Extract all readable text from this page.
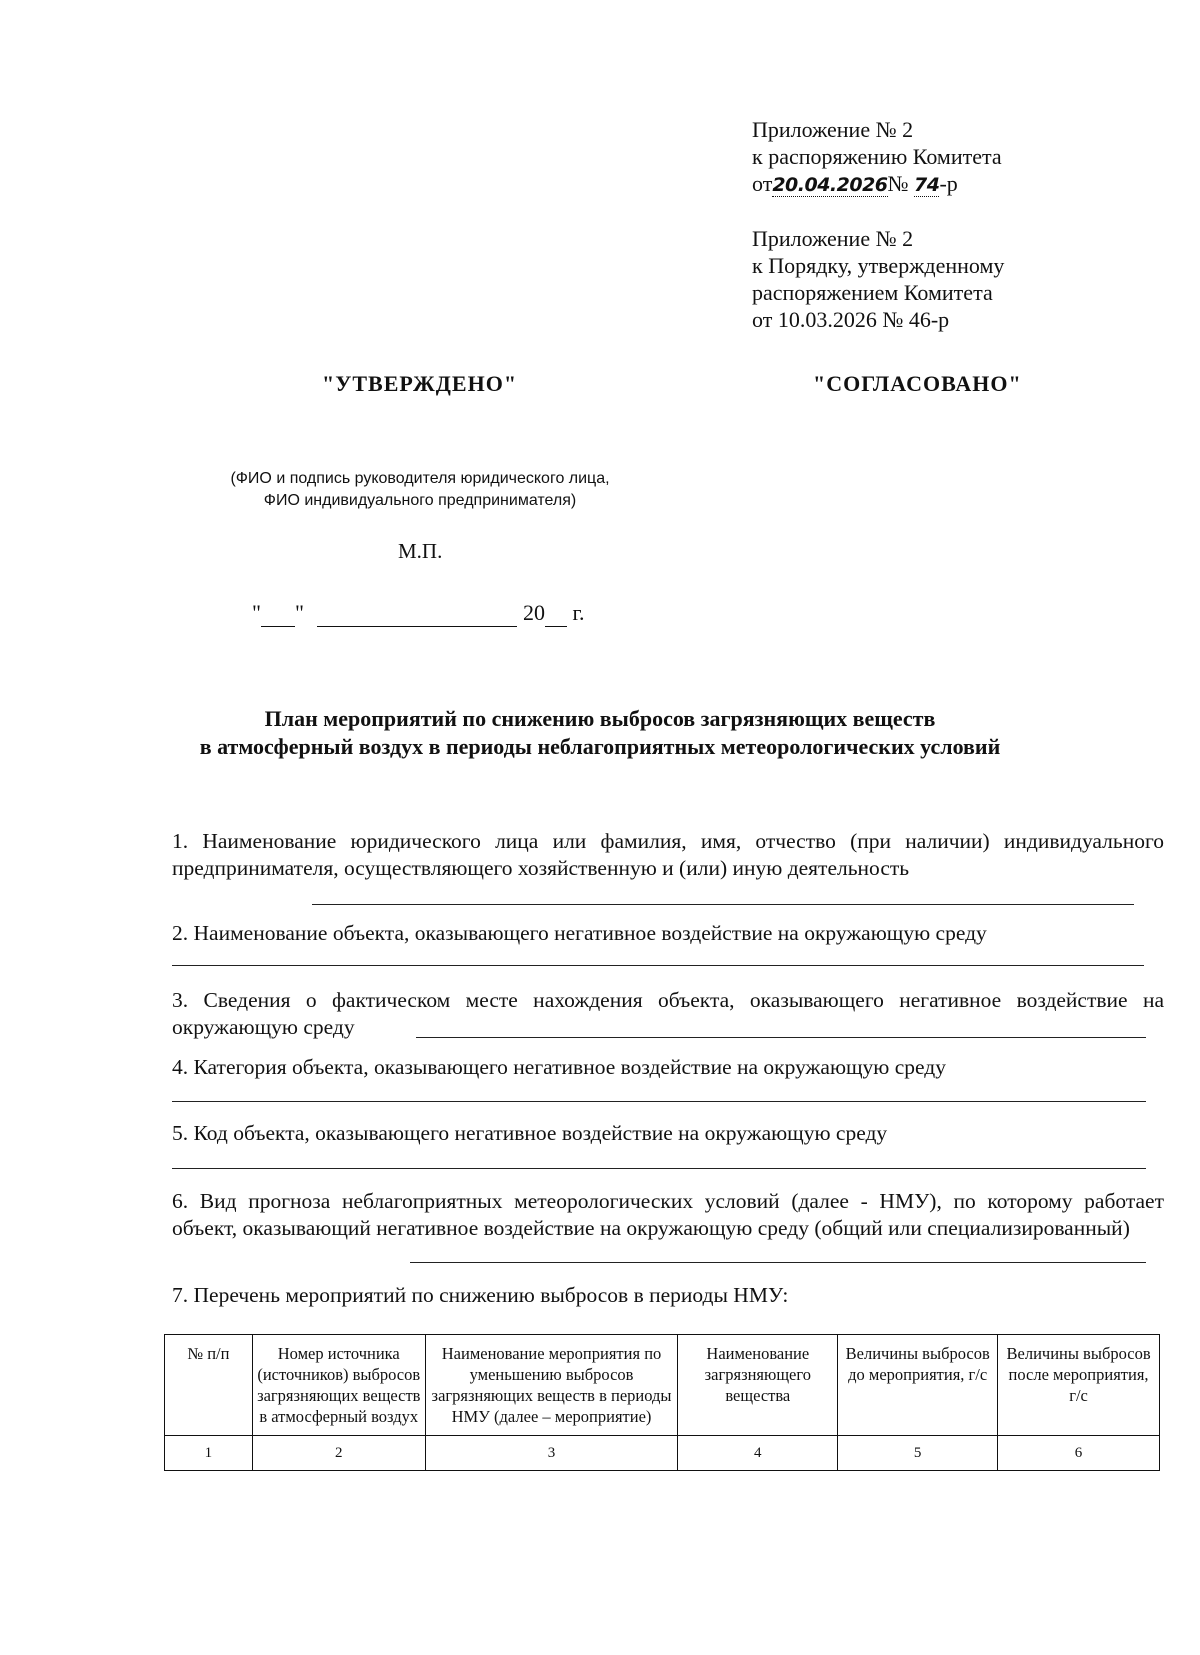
Приложение № 2
к распоряжению Комитета
от20.04.2026№ 74-р
Приложение № 2
к Порядку, утвержденному
распоряжением Комитета
от 10.03.2026 № 46-р
"УТВЕРЖДЕНО"	"СОГЛАСОВАНО"
(ФИО и подпись руководителя юридического лица,
ФИО индивидуального предпринимателя)
М.П.
" "	20 г.
План мероприятий по снижению выбросов загрязняющих веществ
в атмосферный воздух в периоды неблагоприятных метеорологических условий

1. Наименование юридического лица или фамилия, имя, отчество (при наличии) индивидуального предпринимателя, осуществляющего хозяйственную и (или) иную деятельность

2. Наименование объекта, оказывающего негативное воздействие на окружающую среду

3. Сведения о фактическом месте нахождения объекта, оказывающего негативное воздействие на окружающую среду

4. Категория объекта, оказывающего негативное воздействие на окружающую среду

5. Код объекта, оказывающего негативное воздействие на окружающую среду

6. Вид прогноза неблагоприятных метеорологических условий (далее - НМУ), по которому работает объект, оказывающий негативное воздействие на окружающую среду (общий или специализированный)

7. Перечень мероприятий по снижению выбросов в периоды НМУ:

№ п/п	Номер источника (источников) выбросов загрязняющих веществ в атмосферный воздух	Наименование мероприятия по уменьшению выбросов загрязняющих веществ в периоды НМУ (далее – мероприятие)	Наименование загрязняющего вещества	Величины выбросов до мероприятия, г/с	Величины выбросов после мероприятия, г/с
1	2	3	4	5	6
